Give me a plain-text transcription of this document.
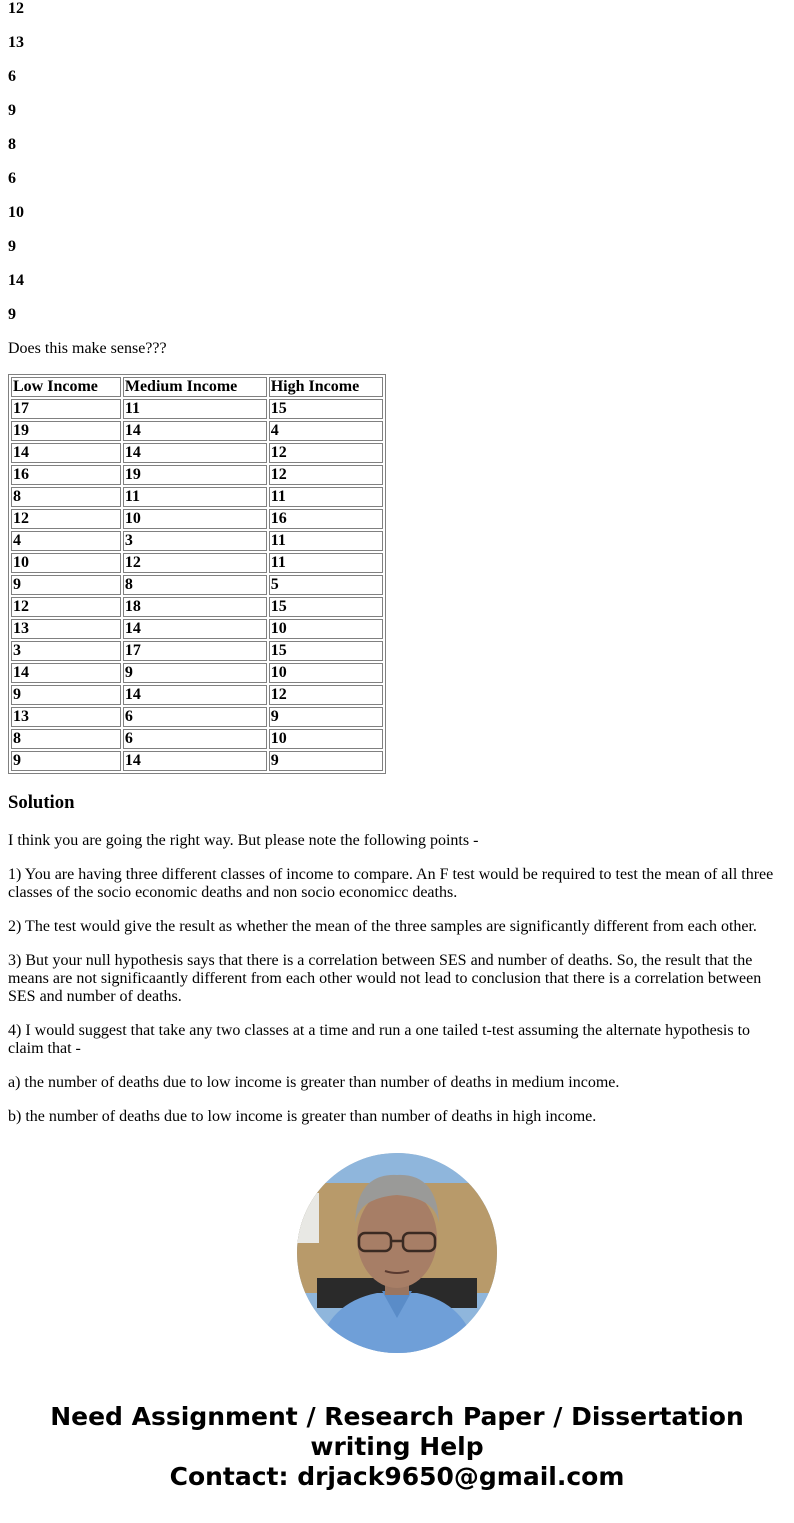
12

13

6

9

8

6

10

9

14

9

Does this make sense???

Low Income	Medium Income	High Income
17	11	15
19	14	4
14	14	12
16	19	12
8	11	11
12	10	16
4	3	11
10	12	11
9	8	5
12	18	15
13	14	10
3	17	15
14	9	10
9	14	12
13	6	9
8	6	10
9	14	9
Solution

I think you are going the right way. But please note the following points -

1) You are having three different classes of income to compare. An F test would be required to test the mean of all three classes of the socio economic deaths and non socio economicc deaths.

2) The test would give the result as whether the mean of the three samples are significantly different from each other.

3) But your null hypothesis says that there is a correlation between SES and number of deaths. So, the result that the means are not significaantly different from each other would not lead to conclusion that there is a correlation between SES and number of deaths.

4) I would suggest that take any two classes at a time and run a one tailed t-test assuming the alternate hypothesis to claim that -

a) the number of deaths due to low income is greater than number of deaths in medium income.

b) the number of deaths due to low income is greater than number of deaths in high income.

Need Assignment / Research Paper / Dissertation
writing Help
Contact: drjack9650@gmail.com
